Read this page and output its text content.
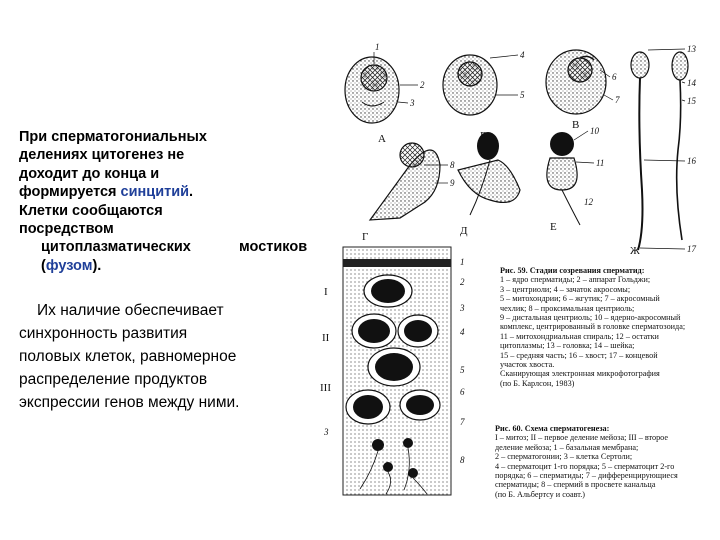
При сперматогониальных
делениях цитогенез не
доходит до конца и
формируется синцитий.
Клетки сообщаются
посредством
цитоплазматических	мостиков
(фузом).
Их наличие обеспечивает
синхронность развития
половых клеток, равномерное
распределение продуктов
экспрессии генов между ними.
А	Б
В
Г	Д	Е
Ж
1
2
3
4
5
6
7
8
9
10
11
12
13
14
15
16
17
I
II
III
1
2
3
4
5
6
7
3
8
Рис. 59. Стадии созревания сперматид:
1 – ядро сперматиды; 2 – аппарат Гольджи;
3 – центриоли; 4 – зачаток акросомы;
5 – митохондрии; 6 – жгутик; 7 – акросомный
чехлик; 8 – проксимальная центриоль;
9 – дистальная центриоль; 10 – ядерно-акросомный
комплекс, центрированный в головке сперматозоида;
11 – митохондриальная спираль; 12 – остатки
цитоплазмы; 13 – головка; 14 – шейка;
15 – средняя часть; 16 – хвост; 17 – концевой
участок хвоста.
Сканирующая электронная микрофотография
(по Б. Карлсон, 1983)
Рис. 60. Схема сперматогенеза:
I – митоз; II – первое деление мейоза; III – второе
деление мейоза; 1 – базальная мембрана;
2 – сперматогонии; 3 – клетка Сертоли;
4 – сперматоцит 1-го порядка; 5 – сперматоцит 2-го
порядка; 6 – сперматиды; 7 – дифференцирующиеся
сперматиды; 8 – спермий в просвете канальца
(по Б. Альбертсу и соавт.)
